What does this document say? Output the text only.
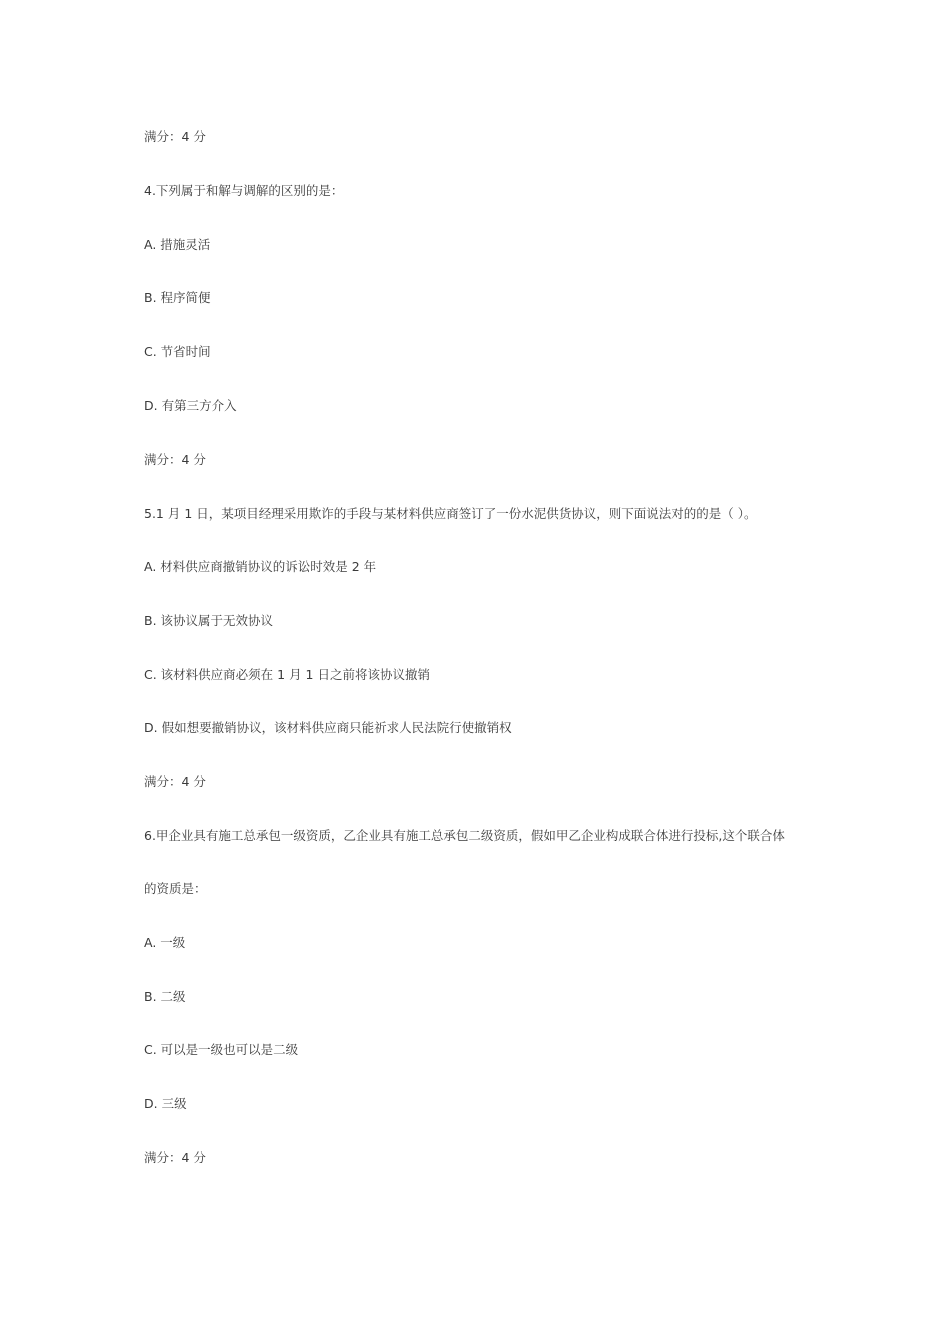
满分：4 分
4.下列属于和解与调解的区别的是：
A. 措施灵活
B. 程序简便
C. 节省时间
D. 有第三方介入
满分：4 分
5.1 月 1 日，某项目经理采用欺诈的手段与某材料供应商签订了一份水泥供货协议，则下面说法对的的是（ ）。
A. 材料供应商撤销协议的诉讼时效是 2 年
B. 该协议属于无效协议
C. 该材料供应商必须在 1 月 1 日之前将该协议撤销
D. 假如想要撤销协议，该材料供应商只能祈求人民法院行使撤销权
满分：4 分
6.甲企业具有施工总承包一级资质，乙企业具有施工总承包二级资质，假如甲乙企业构成联合体进行投标,这个联合体
的资质是：
A. 一级
B. 二级
C. 可以是一级也可以是二级
D. 三级
满分：4 分
